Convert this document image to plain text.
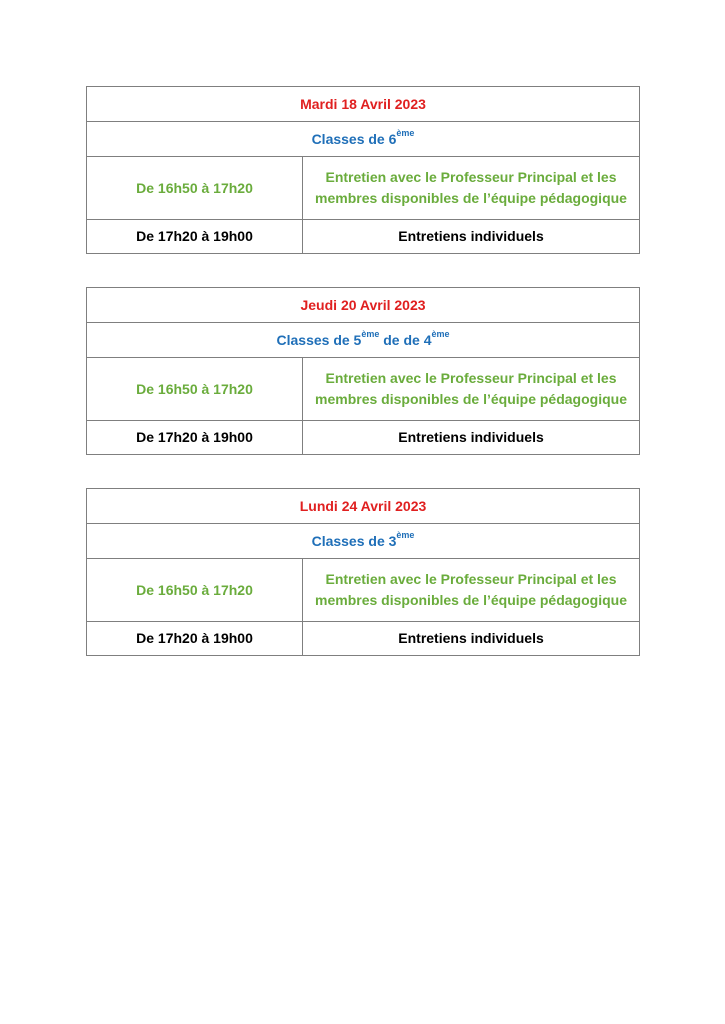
Mardi 18 Avril 2023	
Classes de 6ème
De 16h50 à 17h20	Entretien avec le Professeur Principal et les membres disponibles de l’équipe pédagogique
De 17h20 à 19h00	Entretiens individuels
Jeudi 20 Avril 2023	
Classes de 5ème de de 4ème
De 16h50 à 17h20	Entretien avec le Professeur Principal et les membres disponibles de l’équipe pédagogique
De 17h20 à 19h00	Entretiens individuels
Lundi 24 Avril 2023	
Classes de 3ème
De 16h50 à 17h20	Entretien avec le Professeur Principal et les membres disponibles de l’équipe pédagogique
De 17h20 à 19h00	Entretiens individuels
